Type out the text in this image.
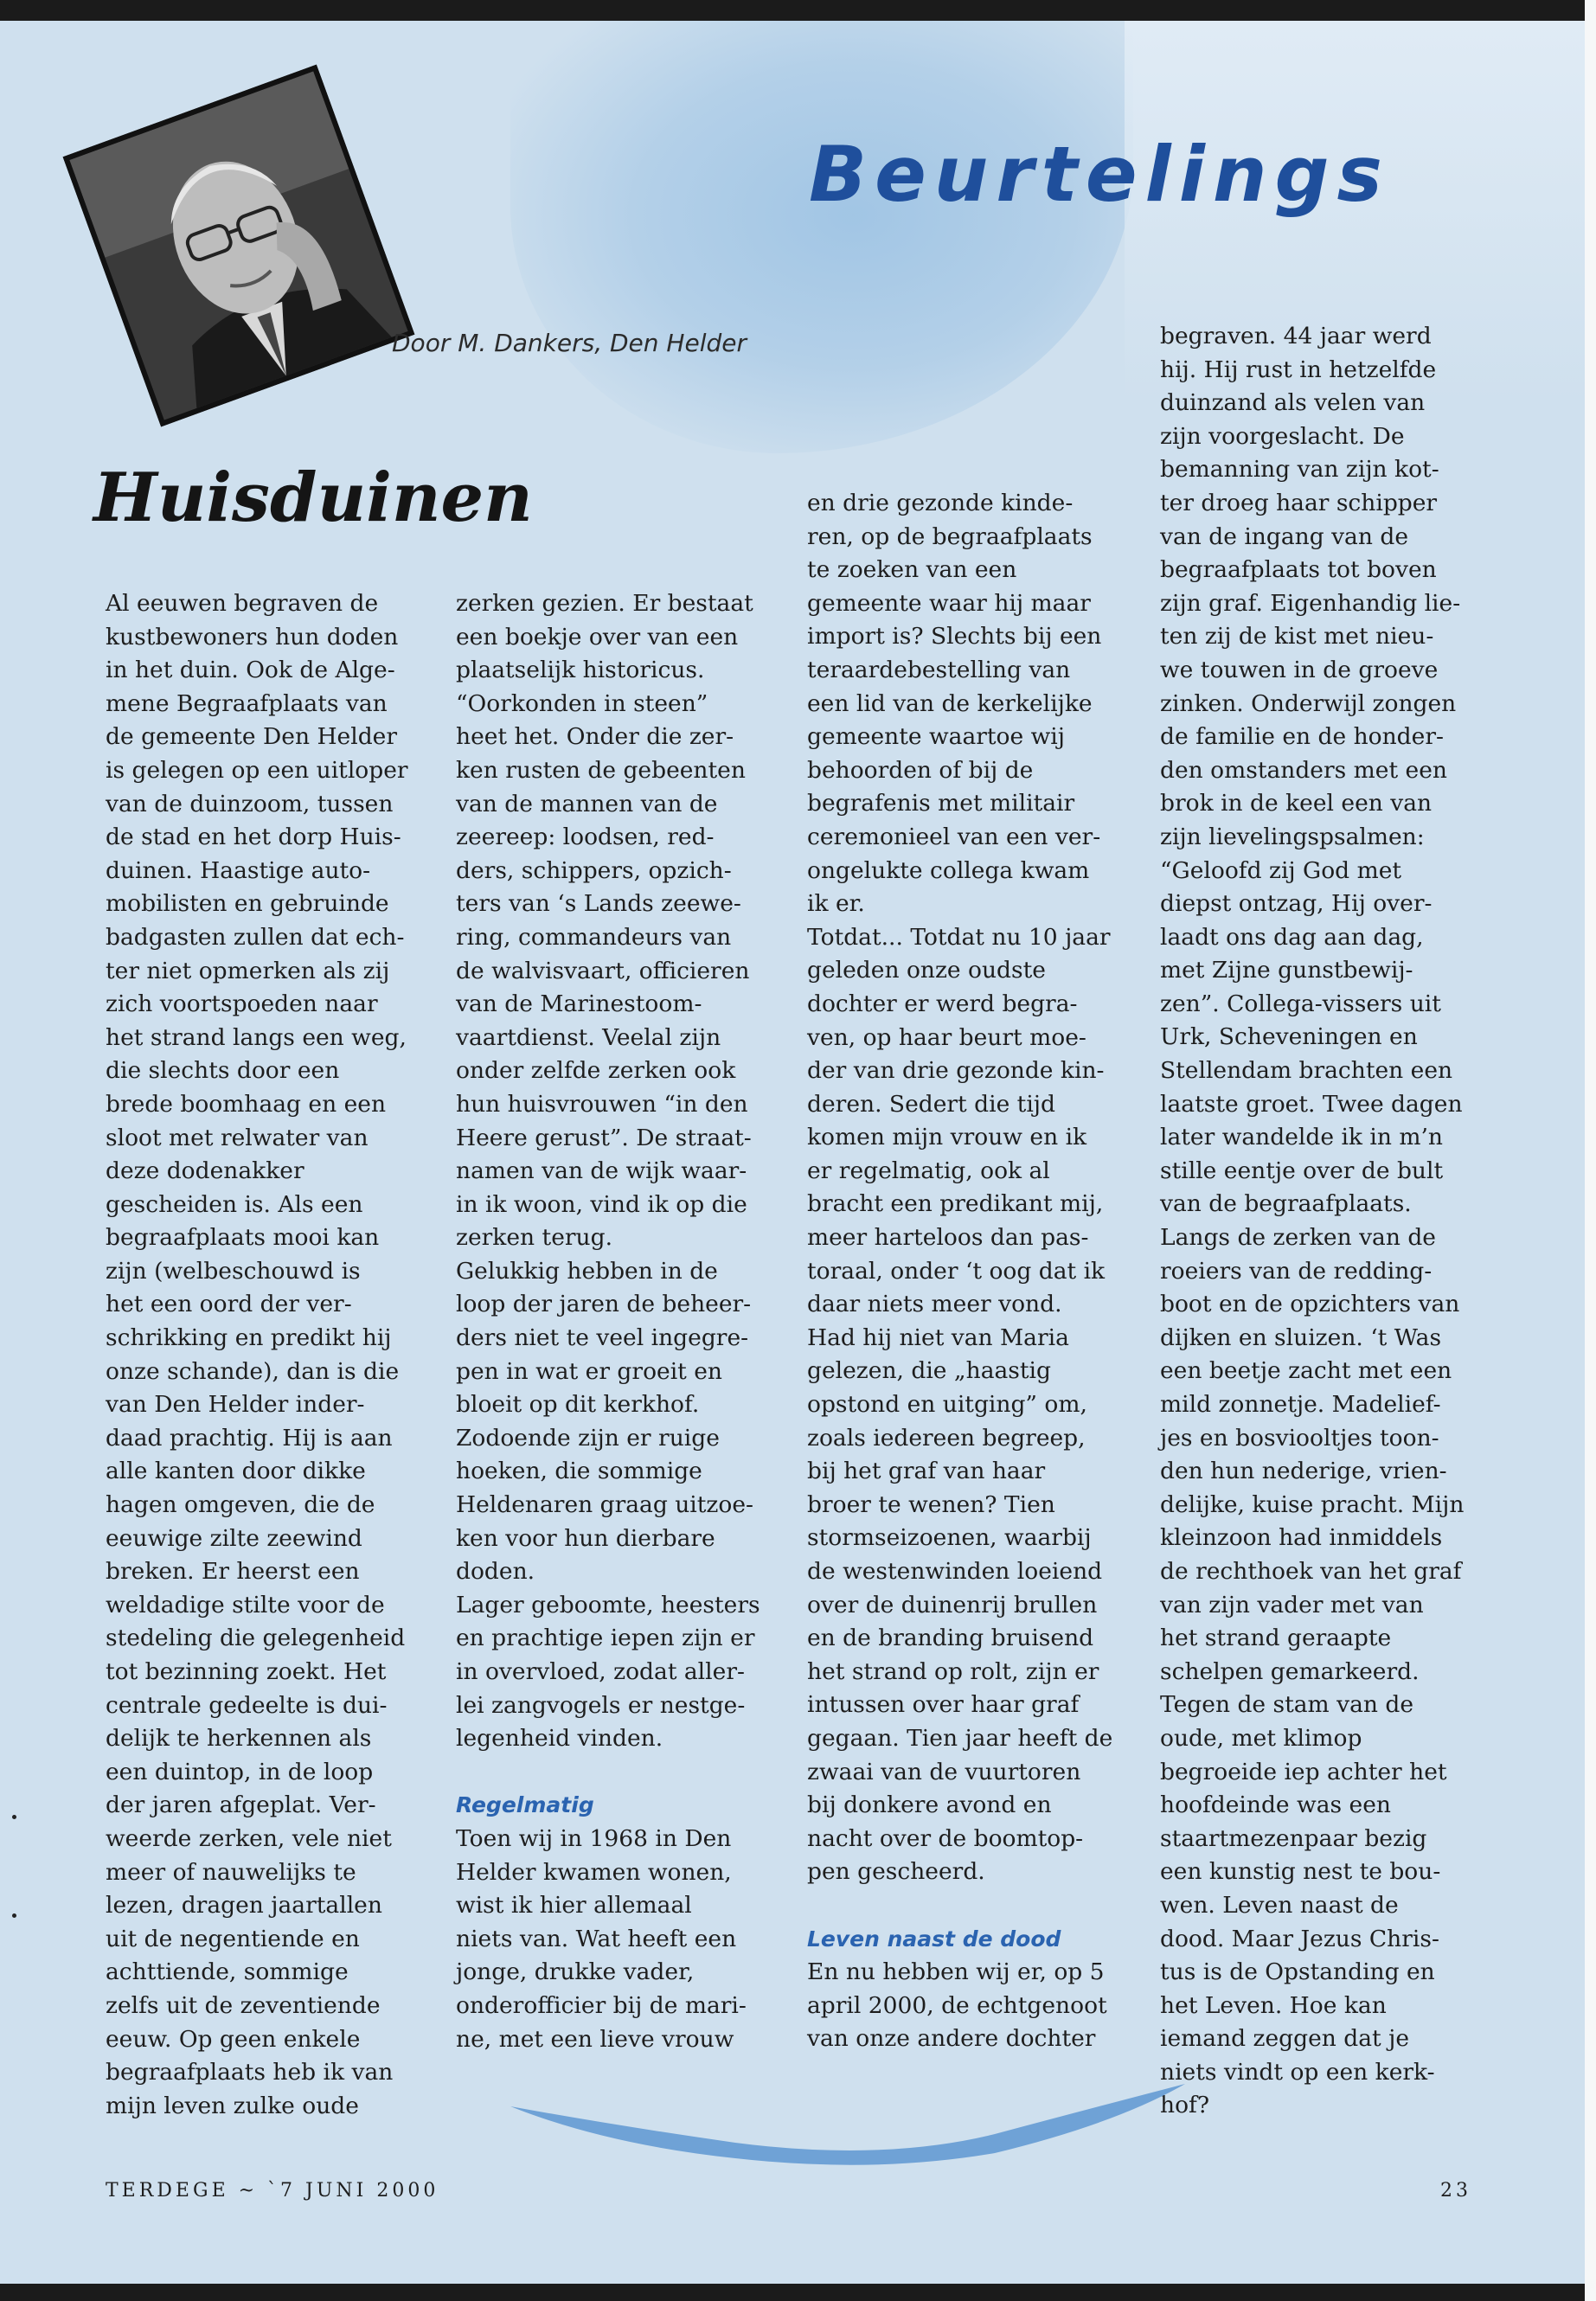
Door M. Dankers, Den Helder
Beurtelings
Huisduinen
Al eeuwen begraven de
kustbewoners hun doden
in het duin. Ook de Alge-
mene Begraafplaats van
de gemeente Den Helder
is gelegen op een uitloper
van de duinzoom, tussen
de stad en het dorp Huis-
duinen. Haastige auto-
mobilisten en gebruinde
badgasten zullen dat ech-
ter niet opmerken als zij
zich voortspoeden naar
het strand langs een weg,
die slechts door een
brede boomhaag en een
sloot met relwater van
deze dodenakker
gescheiden is. Als een
begraafplaats mooi kan
zijn (welbeschouwd is
het een oord der ver-
schrikking en predikt hij
onze schande), dan is die
van Den Helder inder-
daad prachtig. Hij is aan
alle kanten door dikke
hagen omgeven, die de
eeuwige zilte zeewind
breken. Er heerst een
weldadige stilte voor de
stedeling die gelegenheid
tot bezinning zoekt. Het
centrale gedeelte is dui-
delijk te herkennen als
een duintop, in de loop
der jaren afgeplat. Ver-
weerde zerken, vele niet
meer of nauwelijks te
lezen, dragen jaartallen
uit de negentiende en
achttiende, sommige
zelfs uit de zeventiende
eeuw. Op geen enkele
begraafplaats heb ik van
mijn leven zulke oude
zerken gezien. Er bestaat
een boekje over van een
plaatselijk historicus.
“Oorkonden in steen”
heet het. Onder die zer-
ken rusten de gebeenten
van de mannen van de
zeereep: loodsen, red-
ders, schippers, opzich-
ters van ‘s Lands zeewe-
ring, commandeurs van
de walvisvaart, officieren
van de Marinestoom-
vaartdienst. Veelal zijn
onder zelfde zerken ook
hun huisvrouwen “in den
Heere gerust”. De straat-
namen van de wijk waar-
in ik woon, vind ik op die
zerken terug.
Gelukkig hebben in de
loop der jaren de beheer-
ders niet te veel ingegre-
pen in wat er groeit en
bloeit op dit kerkhof.
Zodoende zijn er ruige
hoeken, die sommige
Heldenaren graag uitzoe-
ken voor hun dierbare
doden.
Lager geboomte, heesters
en prachtige iepen zijn er
in overvloed, zodat aller-
lei zangvogels er nestge-
legenheid vinden.
Regelmatig
Toen wij in 1968 in Den
Helder kwamen wonen,
wist ik hier allemaal
niets van. Wat heeft een
jonge, drukke vader,
onderofficier bij de mari-
ne, met een lieve vrouw
en drie gezonde kinde-
ren, op de begraafplaats
te zoeken van een
gemeente waar hij maar
import is? Slechts bij een
teraardebestelling van
een lid van de kerkelijke
gemeente waartoe wij
behoorden of bij de
begrafenis met militair
ceremonieel van een ver-
ongelukte collega kwam
ik er.
Totdat... Totdat nu 10 jaar
geleden onze oudste
dochter er werd begra-
ven, op haar beurt moe-
der van drie gezonde kin-
deren. Sedert die tijd
komen mijn vrouw en ik
er regelmatig, ook al
bracht een predikant mij,
meer harteloos dan pas-
toraal, onder ‘t oog dat ik
daar niets meer vond.
Had hij niet van Maria
gelezen, die „haastig
opstond en uitging” om,
zoals iedereen begreep,
bij het graf van haar
broer te wenen? Tien
stormseizoenen, waarbij
de westenwinden loeiend
over de duinenrij brullen
en de branding bruisend
het strand op rolt, zijn er
intussen over haar graf
gegaan. Tien jaar heeft de
zwaai van de vuurtoren
bij donkere avond en
nacht over de boomtop-
pen gescheerd.
Leven naast de dood
En nu hebben wij er, op 5
april 2000, de echtgenoot
van onze andere dochter
begraven. 44 jaar werd
hij. Hij rust in hetzelfde
duinzand als velen van
zijn voorgeslacht. De
bemanning van zijn kot-
ter droeg haar schipper
van de ingang van de
begraafplaats tot boven
zijn graf. Eigenhandig lie-
ten zij de kist met nieu-
we touwen in de groeve
zinken. Onderwijl zongen
de familie en de honder-
den omstanders met een
brok in de keel een van
zijn lievelingspsalmen:
“Geloofd zij God met
diepst ontzag, Hij over-
laadt ons dag aan dag,
met Zijne gunstbewij-
zen”. Collega-vissers uit
Urk, Scheveningen en
Stellendam brachten een
laatste groet. Twee dagen
later wandelde ik in m’n
stille eentje over de bult
van de begraafplaats.
Langs de zerken van de
roeiers van de redding-
boot en de opzichters van
dijken en sluizen. ‘t Was
een beetje zacht met een
mild zonnetje. Madelief-
jes en bosviooltjes toon-
den hun nederige, vrien-
delijke, kuise pracht. Mijn
kleinzoon had inmiddels
de rechthoek van het graf
van zijn vader met van
het strand geraapte
schelpen gemarkeerd.
Tegen de stam van de
oude, met klimop
begroeide iep achter het
hoofdeinde was een
staartmezenpaar bezig
een kunstig nest te bou-
wen. Leven naast de
dood. Maar Jezus Chris-
tus is de Opstanding en
het Leven. Hoe kan
iemand zeggen dat je
niets vindt op een kerk-
hof?
TERDEGE ~ `7 JUNI 2000	23
